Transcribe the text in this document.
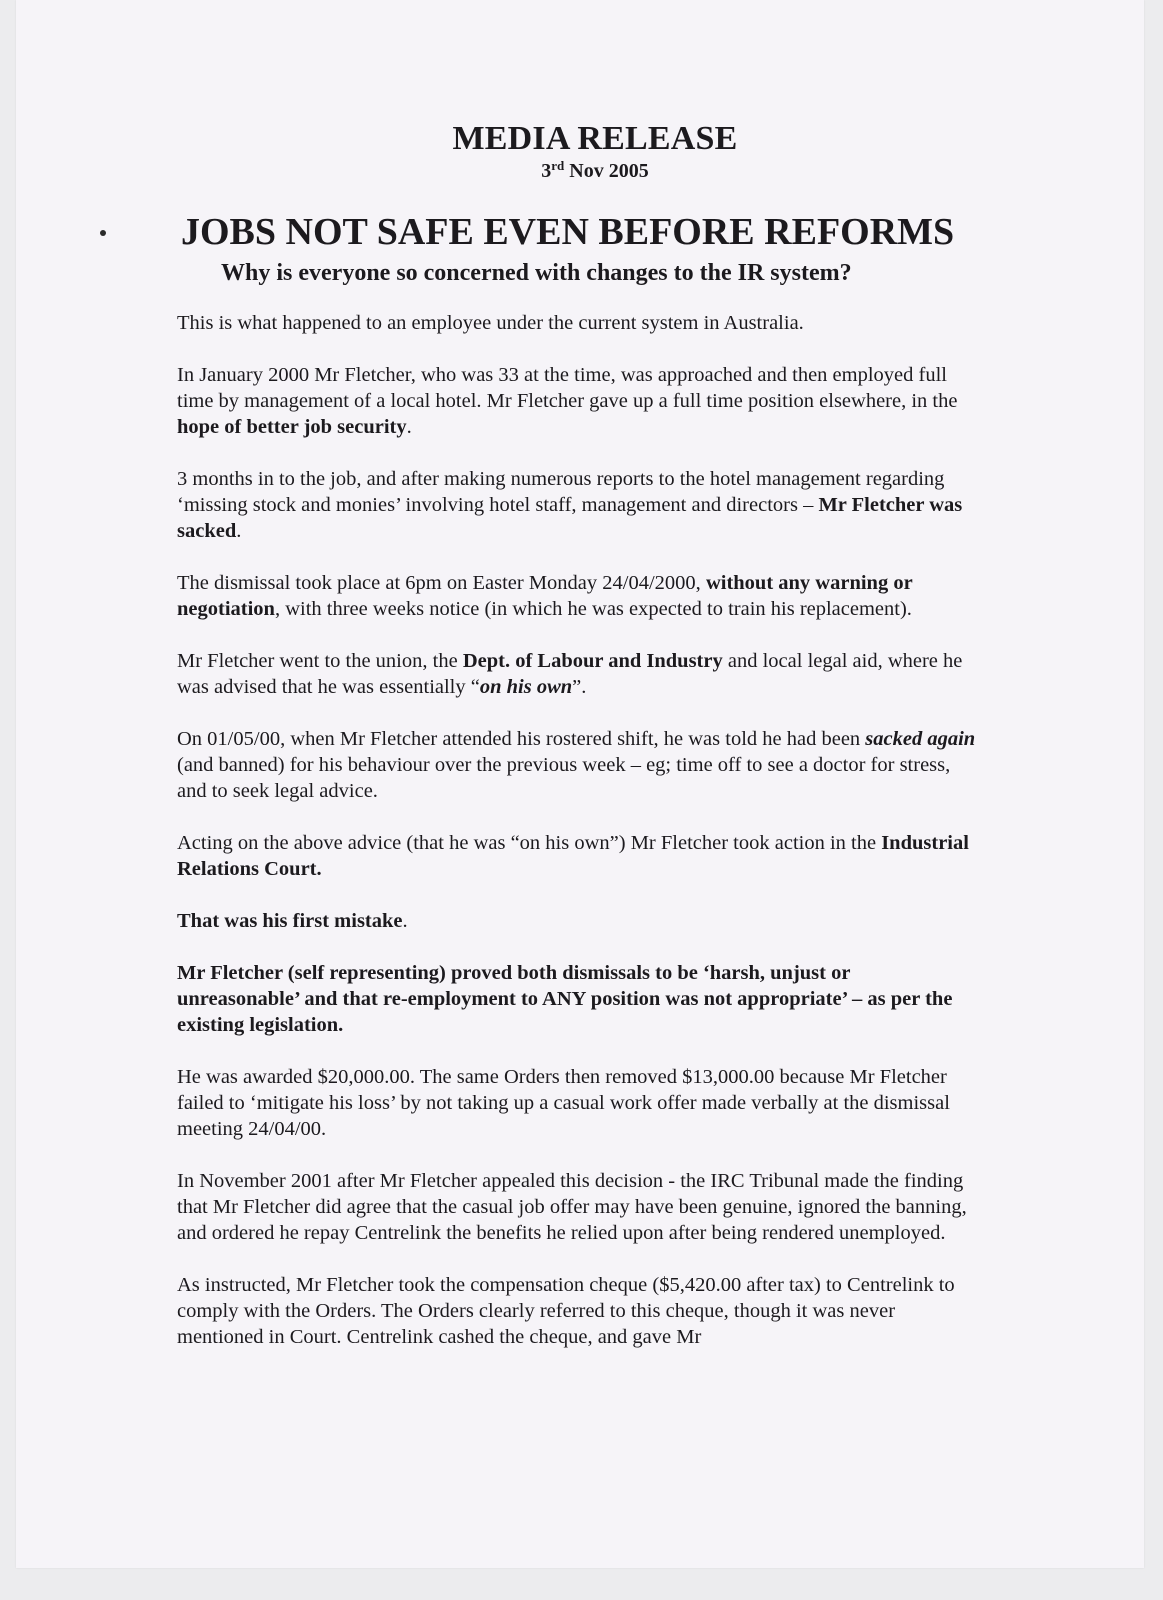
MEDIA RELEASE
3rd Nov 2005
JOBS NOT SAFE EVEN BEFORE REFORMS
Why is everyone so concerned with changes to the IR system?

This is what happened to an employee under the current system in Australia.

In January 2000 Mr Fletcher, who was 33 at the time, was approached and then employed full time by management of a local hotel. Mr Fletcher gave up a full time position elsewhere, in the hope of better job security.

3 months in to the job, and after making numerous reports to the hotel management regarding ‘missing stock and monies’ involving hotel staff, management and directors – Mr Fletcher was sacked.

The dismissal took place at 6pm on Easter Monday 24/04/2000, without any warning or negotiation, with three weeks notice (in which he was expected to train his replacement).

Mr Fletcher went to the union, the Dept. of Labour and Industry and local legal aid, where he was advised that he was essentially “on his own”.

On 01/05/00, when Mr Fletcher attended his rostered shift, he was told he had been sacked again (and banned) for his behaviour over the previous week – eg; time off to see a doctor for stress, and to seek legal advice.

Acting on the above advice (that he was “on his own”) Mr Fletcher took action in the Industrial Relations Court.

That was his first mistake.

Mr Fletcher (self representing) proved both dismissals to be ‘harsh, unjust or unreasonable’ and that re-employment to ANY position was not appropriate’ – as per the existing legislation.

He was awarded $20,000.00. The same Orders then removed $13,000.00 because Mr Fletcher failed to ‘mitigate his loss’ by not taking up a casual work offer made verbally at the dismissal meeting 24/04/00.

In November 2001 after Mr Fletcher appealed this decision - the IRC Tribunal made the finding that Mr Fletcher did agree that the casual job offer may have been genuine, ignored the banning, and ordered he repay Centrelink the benefits he relied upon after being rendered unemployed.

As instructed, Mr Fletcher took the compensation cheque ($5,420.00 after tax) to Centrelink to comply with the Orders. The Orders clearly referred to this cheque, though it was never mentioned in Court. Centrelink cashed the cheque, and gave Mr
